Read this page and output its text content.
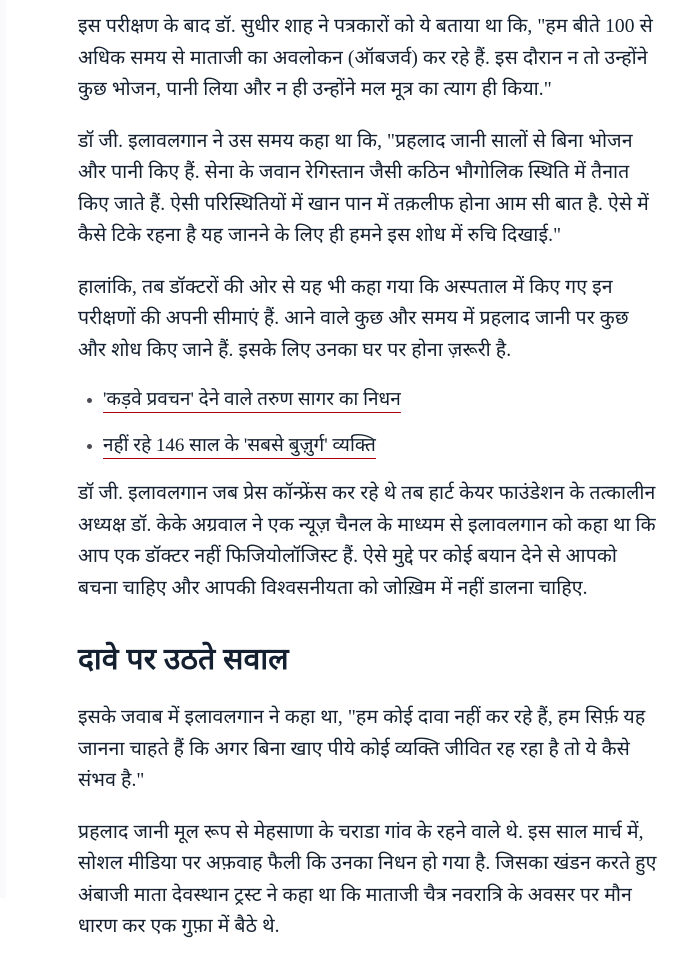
इस परीक्षण के बाद डॉ. सुधीर शाह ने पत्रकारों को ये बताया था कि, "हम बीते 100 से अधिक समय से माताजी का अवलोकन (ऑबजर्व) कर रहे हैं. इस दौरान न तो उन्होंने कुछ भोजन, पानी लिया और न ही उन्होंने मल मूत्र का त्याग ही किया."

डॉ जी. इलावलगान ने उस समय कहा था कि, "प्रहलाद जानी सालों से बिना भोजन और पानी किए हैं. सेना के जवान रेगिस्तान जैसी कठिन भौगोलिक स्थिति में तैनात किए जाते हैं. ऐसी परिस्थितियों में खान पान में तक़लीफ होना आम सी बात है. ऐसे में कैसे टिके रहना है यह जानने के लिए ही हमने इस शोध में रुचि दिखाई."

हालांकि, तब डॉक्टरों की ओर से यह भी कहा गया कि अस्पताल में किए गए इन परीक्षणों की अपनी सीमाएं हैं. आने वाले कुछ और समय में प्रहलाद जानी पर कुछ और शोध किए जाने हैं. इसके लिए उनका घर पर होना ज़रूरी है.

'कड़वे प्रवचन' देने वाले तरुण सागर का निधन
नहीं रहे 146 साल के 'सबसे बुज़ुर्ग' व्यक्ति

डॉ जी. इलावलगान जब प्रेस कॉन्फ्रेंस कर रहे थे तब हार्ट केयर फाउंडेशन के तत्कालीन अध्यक्ष डॉ. केके अग्रवाल ने एक न्यूज़ चैनल के माध्यम से इलावलगान को कहा था कि आप एक डॉक्टर नहीं फिजियोलॉजिस्ट हैं. ऐसे मुद्दे पर कोई बयान देने से आपको बचना चाहिए और आपकी विश्वसनीयता को जोख़िम में नहीं डालना चाहिए.

दावे पर उठते सवाल

इसके जवाब में इलावलगान ने कहा था, "हम कोई दावा नहीं कर रहे हैं, हम सिर्फ़ यह जानना चाहते हैं कि अगर बिना खाए पीये कोई व्यक्ति जीवित रह रहा है तो ये कैसे संभव है."

प्रहलाद जानी मूल रूप से मेहसाणा के चराडा गांव के रहने वाले थे. इस साल मार्च में, सोशल मीडिया पर अफ़वाह फैली कि उनका निधन हो गया है. जिसका खंडन करते हुए अंबाजी माता देवस्थान ट्रस्ट ने कहा था कि माताजी चैत्र नवरात्रि के अवसर पर मौन धारण कर एक गुफ़ा में बैठे थे.
